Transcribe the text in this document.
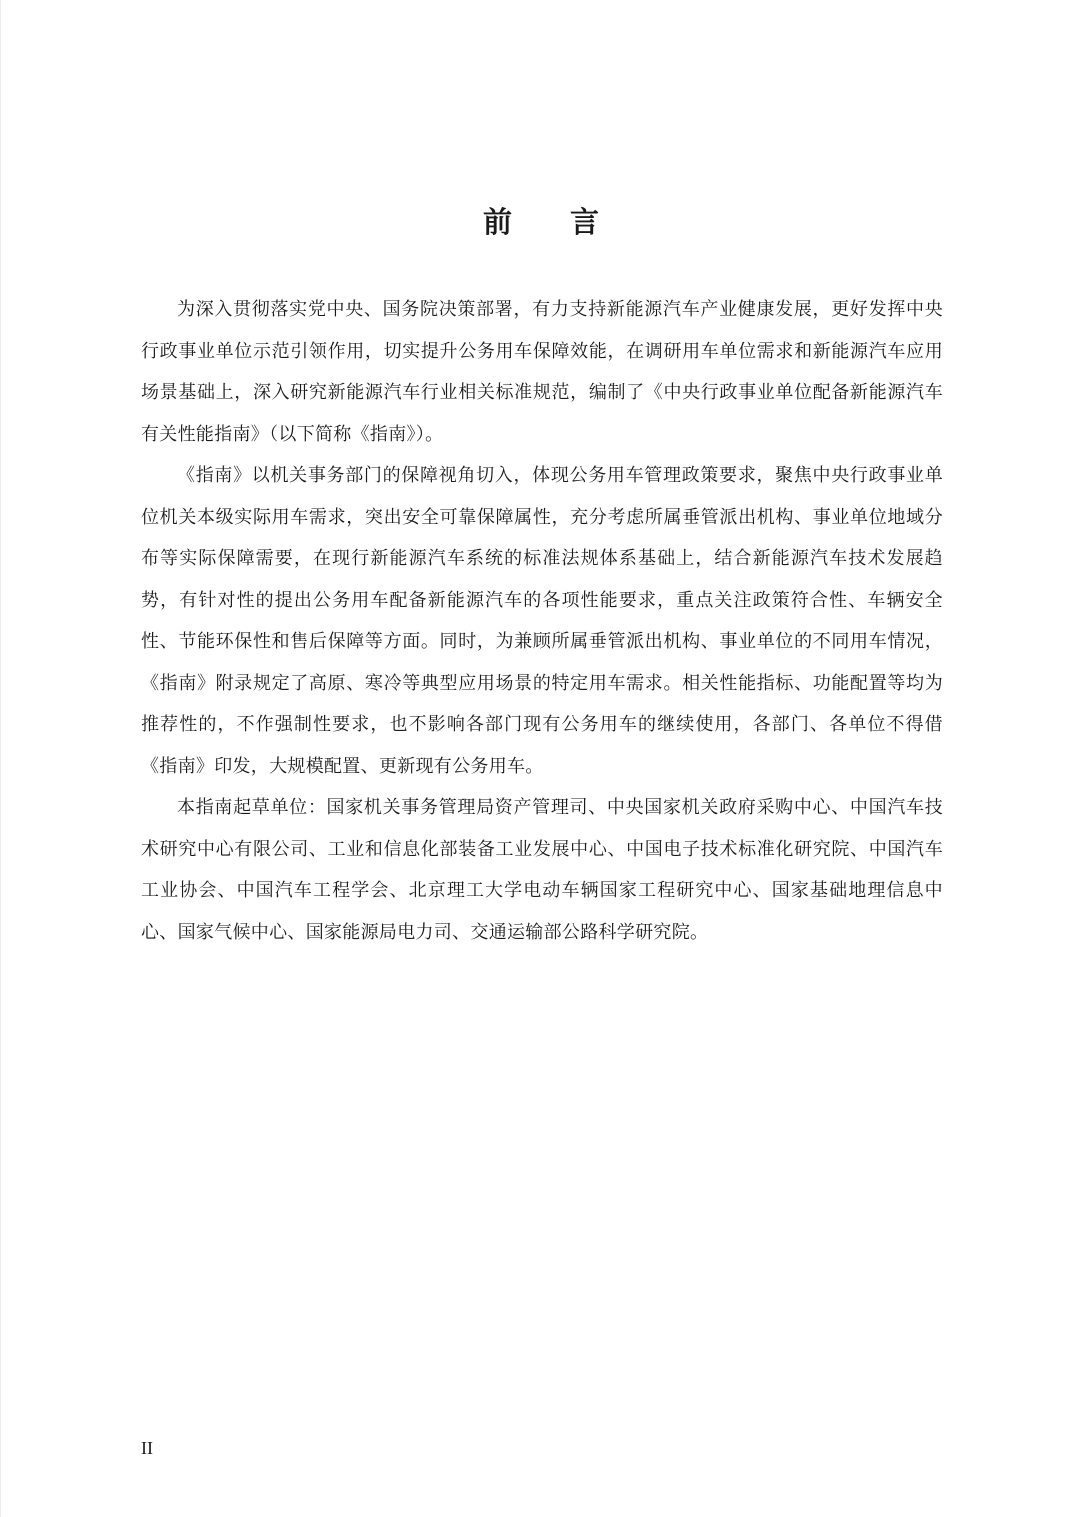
前 言

为深入贯彻落实党中央、国务院决策部署，有力支持新能源汽车产业健康发展，更好发挥中央行政事业单位示范引领作用，切实提升公务用车保障效能，在调研用车单位需求和新能源汽车应用场景基础上，深入研究新能源汽车行业相关标准规范，编制了《中央行政事业单位配备新能源汽车有关性能指南》（以下简称《指南》）。

《指南》以机关事务部门的保障视角切入，体现公务用车管理政策要求，聚焦中央行政事业单位机关本级实际用车需求，突出安全可靠保障属性，充分考虑所属垂管派出机构、事业单位地域分布等实际保障需要，在现行新能源汽车系统的标准法规体系基础上，结合新能源汽车技术发展趋势，有针对性的提出公务用车配备新能源汽车的各项性能要求，重点关注政策符合性、车辆安全性、节能环保性和售后保障等方面。同时，为兼顾所属垂管派出机构、事业单位的不同用车情况，《指南》附录规定了高原、寒冷等典型应用场景的特定用车需求。相关性能指标、功能配置等均为推荐性的，不作强制性要求，也不影响各部门现有公务用车的继续使用，各部门、各单位不得借《指南》印发，大规模配置、更新现有公务用车。

本指南起草单位：国家机关事务管理局资产管理司、中央国家机关政府采购中心、中国汽车技术研究中心有限公司、工业和信息化部装备工业发展中心、中国电子技术标准化研究院、中国汽车工业协会、中国汽车工程学会、北京理工大学电动车辆国家工程研究中心、国家基础地理信息中心、国家气候中心、国家能源局电力司、交通运输部公路科学研究院。

II
